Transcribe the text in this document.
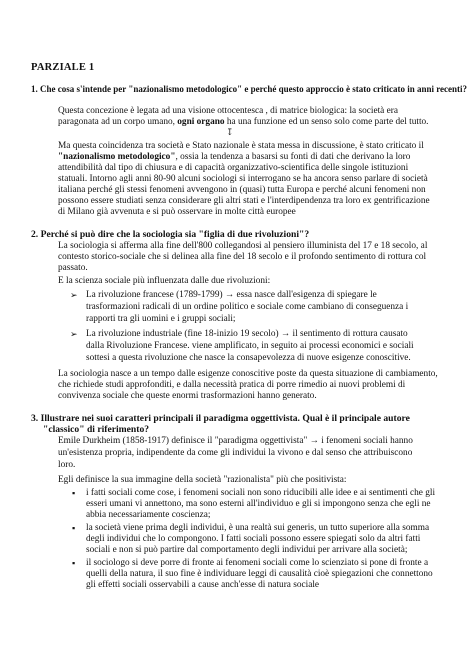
PARZIALE 1
1. Che cosa s'intende per "nazionalismo metodologico" e perché questo approccio è stato criticato in anni recenti?
Questa concezione è legata ad una visione ottocentesca , di matrice biologica: la società era
paragonata ad un corpo umano, ogni organo ha una funzione ed un senso solo come parte del tutto.
↧
Ma questa coincidenza tra società e Stato nazionale è stata messa in discussione, è stato criticato il
"nazionalismo metodologico", ossia la tendenza a basarsi su fonti di dati che derivano la loro
attendibilità dal tipo di chiusura e di capacità organizzativo-scientifica delle singole istituzioni
statuali. Intorno agli anni 80-90 alcuni sociologi si interrogano se ha ancora senso parlare di società
italiana perché gli stessi fenomeni avvengono in (quasi) tutta Europa e perché alcuni fenomeni non
possono essere studiati senza considerare gli altri stati e l'interdipendenza tra loro ex gentrificazione
di Milano già avvenuta e si può osservare in molte città europee
2. Perché si può dire che la sociologia sia "figlia di due rivoluzioni"?
La sociologia si afferma alla fine dell'800 collegandosi al pensiero illuminista del 17 e 18 secolo, al
contesto storico-sociale che si delinea alla fine del 18 secolo e il profondo sentimento di rottura col
passato.
E la scienza sociale più influenzata dalle due rivoluzioni:
➢ La rivoluzione francese (1789-1799) → essa nasce dall'esigenza di spiegare le
trasformazioni radicali di un ordine politico e sociale come cambiano di conseguenza i
rapporti tra gli uomini e i gruppi sociali;
➢ La rivoluzione industriale (fine 18-inizio 19 secolo) → il sentimento di rottura causato
dalla Rivoluzione Francese. viene amplificato, in seguito ai processi economici e sociali
sottesi a questa rivoluzione che nasce la consapevolezza di nuove esigenze conoscitive.
La sociologia nasce a un tempo dalle esigenze conoscitive poste da questa situazione di cambiamento,
che richiede studi approfonditi, e dalla necessità pratica di porre rimedio ai nuovi problemi di
convivenza sociale che queste enormi trasformazioni hanno generato.
3. Illustrare nei suoi caratteri principali il paradigma oggettivista. Qual è il principale autore
"classico" di riferimento?
Emile Durkheim (1858-1917) definisce il "paradigma oggettivista" → i fenomeni sociali hanno
un'esistenza propria, indipendente da come gli individui la vivono e dal senso che attribuiscono
loro.
Egli definisce la sua immagine della società "razionalista" più che positivista:
▪ i fatti sociali come cose, i fenomeni sociali non sono riducibili alle idee e ai sentimenti che gli
esseri umani vi annettono, ma sono esterni all'individuo e gli si impongono senza che egli ne
abbia necessariamente coscienza;
▪ la società viene prima degli individui, è una realtà sui generis, un tutto superiore alla somma
degli individui che lo compongono. I fatti sociali possono essere spiegati solo da altri fatti
sociali e non si può partire dal comportamento degli individui per arrivare alla società;
▪ il sociologo si deve porre di fronte ai fenomeni sociali come lo scienziato si pone di fronte a
quelli della natura, il suo fine è individuare leggi di causalità cioè spiegazioni che connettono
gli effetti sociali osservabili a cause anch'esse di natura sociale
